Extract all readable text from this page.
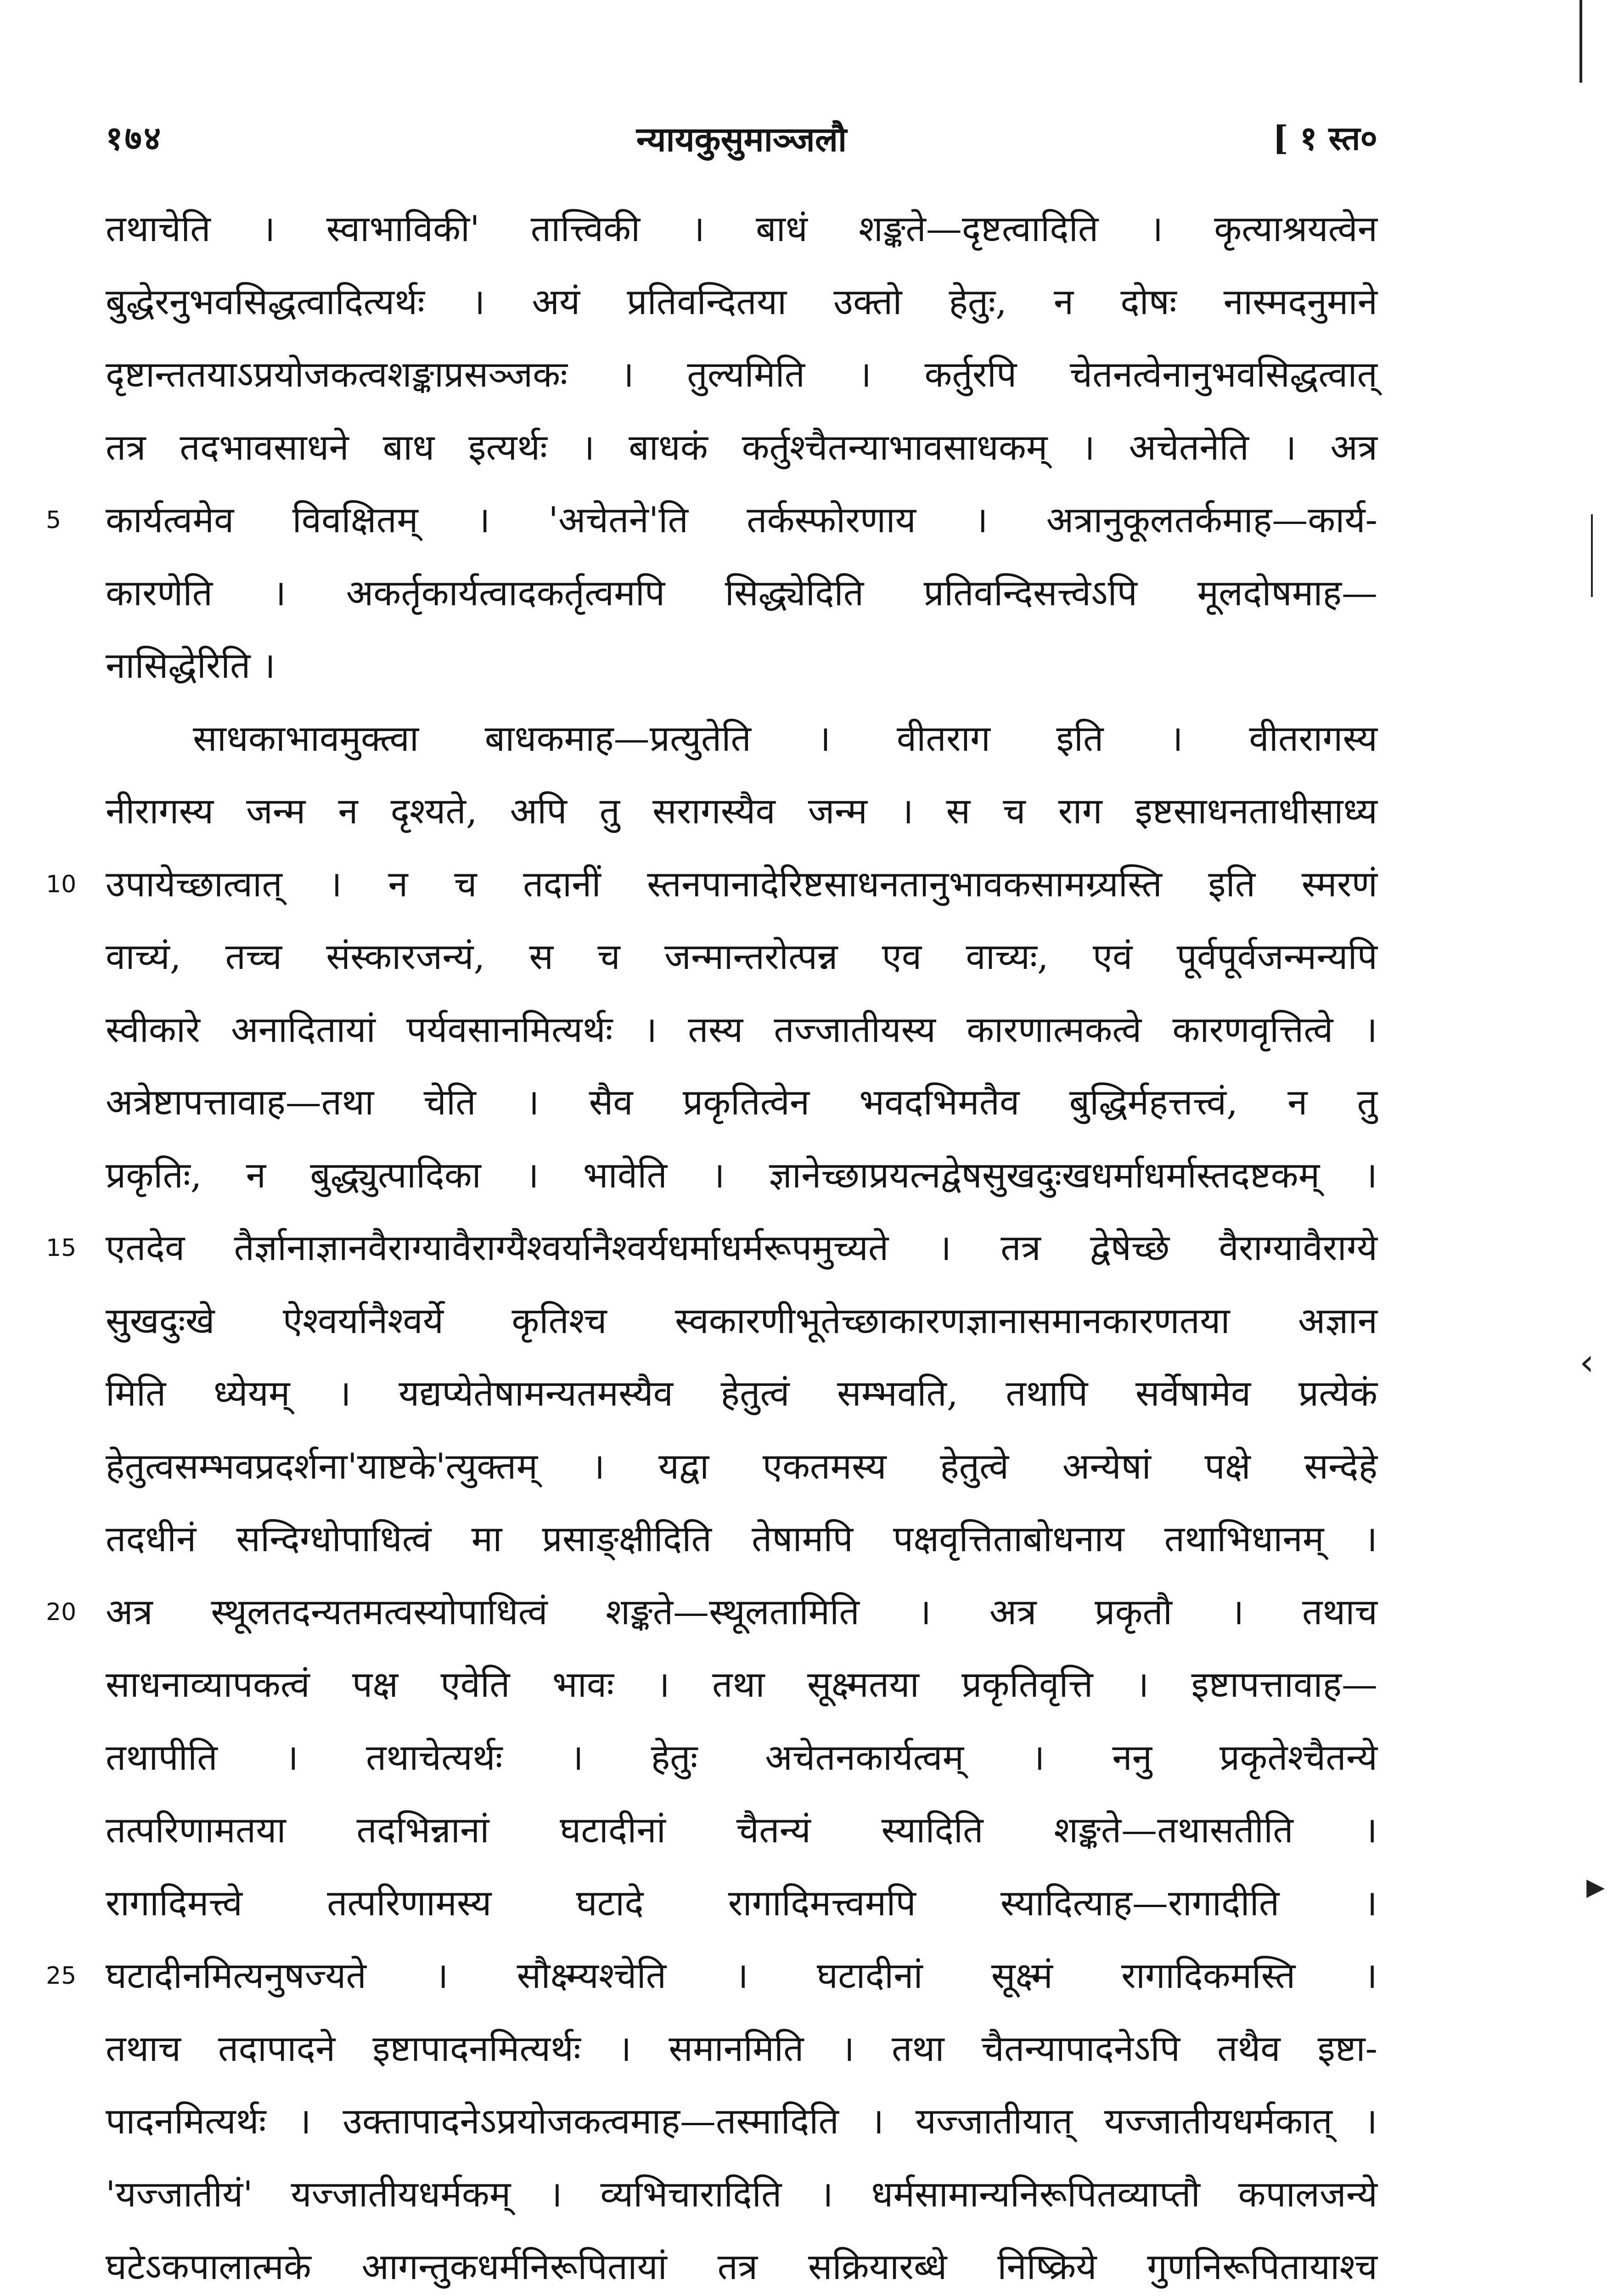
१७४	न्यायकुसुमाञ्जलौ	[ १ स्त०
तथाचेति । स्वाभाविकी' तात्त्विकी । बाधं शङ्कते—दृष्टत्वादिति । कृत्याश्रयत्वेन
बुद्धेरनुभवसिद्धत्वादित्यर्थः । अयं प्रतिवन्दितया उक्तो हेतुः, न दोषः नास्मदनुमाने
दृष्टान्ततयाऽप्रयोजकत्वशङ्काप्रसञ्जकः । तुल्यमिति । कर्तुरपि चेतनत्वेनानुभवसिद्धत्वात्
तत्र तदभावसाधने बाध इत्यर्थः । बाधकं कर्तुश्चैतन्याभावसाधकम् । अचेतनेति । अत्र
5	कार्यत्वमेव विवक्षितम् । 'अचेतने'ति तर्कस्फोरणाय । अत्रानुकूलतर्कमाह—कार्य-
कारणेति । अकर्तृकार्यत्वादकर्तृत्वमपि सिद्ध्येदिति प्रतिवन्दिसत्त्वेऽपि मूलदोषमाह—
नासिद्धेरिति ।
साधकाभावमुक्त्वा बाधकमाह—प्रत्युतेति । वीतराग इति । वीतरागस्य
नीरागस्य जन्म न दृश्यते, अपि तु सरागस्यैव जन्म । स च राग इष्टसाधनताधीसाध्य
10 उपायेच्छात्वात् । न च तदानीं स्तनपानादेरिष्टसाधनतानुभावकसामग्र्यस्ति इति स्मरणं
वाच्यं, तच्च संस्कारजन्यं, स च जन्मान्तरोत्पन्न एव वाच्यः, एवं पूर्वपूर्वजन्मन्यपि
स्वीकारे अनादितायां पर्यवसानमित्यर्थः । तस्य तज्जातीयस्य कारणात्मकत्वे कारणवृत्तित्वे ।
अत्रेष्टापत्तावाह—तथा चेति । सैव प्रकृतित्वेन भवदभिमतैव बुद्धिर्महत्तत्त्वं, न तु
प्रकृतिः, न बुद्ध्युत्पादिका । भावेति । ज्ञानेच्छाप्रयत्नद्वेषसुखदुःखधर्माधर्मास्तदष्टकम् ।
15 एतदेव तैर्ज्ञानाज्ञानवैराग्यावैराग्यैश्वर्यानैश्वर्यधर्माधर्मरूपमुच्यते । तत्र द्वेषेच्छे वैराग्यावैराग्ये
सुखदुःखे ऐश्वर्यानैश्वर्ये कृतिश्च स्वकारणीभूतेच्छाकारणज्ञानासमानकारणतया अज्ञान
मिति ध्येयम् । यद्यप्येतेषामन्यतमस्यैव हेतुत्वं सम्भवति, तथापि सर्वेषामेव प्रत्येकं
हेतुत्वसम्भवप्रदर्शना'याष्टके'त्युक्तम् । यद्वा एकतमस्य हेतुत्वे अन्येषां पक्षे सन्देहे
तदधीनं सन्दिग्धोपाधित्वं मा प्रसाङ्क्षीदिति तेषामपि पक्षवृत्तिताबोधनाय तथाभिधानम् ।
20 अत्र स्थूलतदन्यतमत्वस्योपाधित्वं शङ्कते—स्थूलतामिति । अत्र प्रकृतौ । तथाच
साधनाव्यापकत्वं पक्ष एवेति भावः । तथा सूक्ष्मतया प्रकृतिवृत्ति । इष्टापत्तावाह—
तथापीति । तथाचेत्यर्थः । हेतुः अचेतनकार्यत्वम् । ननु प्रकृतेश्चैतन्ये
तत्परिणामतया तदभिन्नानां घटादीनां चैतन्यं स्यादिति शङ्कते—तथासतीति ।
रागादिमत्त्वे तत्परिणामस्य घटादे रागादिमत्त्वमपि स्यादित्याह—रागादीति ।
25 घटादीनमित्यनुषज्यते । सौक्ष्म्यश्चेति । घटादीनां सूक्ष्मं रागादिकमस्ति ।
तथाच तदापादने इष्टापादनमित्यर्थः । समानमिति । तथा चैतन्यापादनेऽपि तथैव इष्टा-
पादनमित्यर्थः । उक्तापादनेऽप्रयोजकत्वमाह—तस्मादिति । यज्जातीयात् यज्जातीयधर्मकात् ।
'यज्जातीयं' यज्जातीयधर्मकम् । व्यभिचारादिति । धर्मसामान्यनिरूपितव्याप्तौ कपालजन्ये
घटेऽकपालात्मके आगन्तुकधर्मनिरूपितायां तत्र सक्रियारब्धे निष्क्रिये गुणनिरूपितायाश्च
‹
▸
